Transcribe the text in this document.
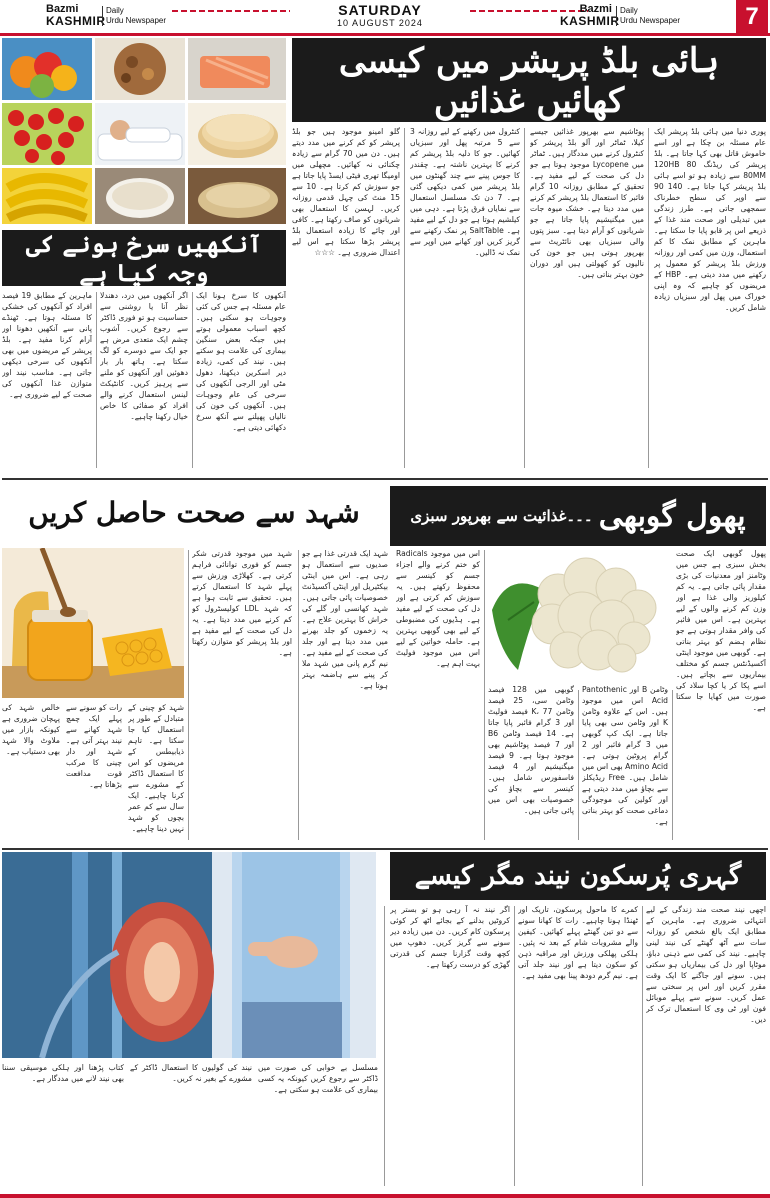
Bazmi
KASHMIR
Daily
Urdu Newspaper
SATURDAY
10 AUGUST 2024
Bazmi
KASHMIR
Daily
Urdu Newspaper	7
ہائی بلڈ پریشر میں کیسی کھائیں غذائیں
پوری دنیا میں ہائی بلڈ پریشر ایک عام مسئلہ بن چکا ہے اور اسے خاموش قاتل بھی کہا جاتا ہے۔ بلڈ پریشر کی ریڈنگ 80 120HB 80MM سے زیادہ ہو تو اسے ہائی بلڈ پریشر کہا جاتا ہے۔ 140 90 سے اوپر کی سطح خطرناک سمجھی جاتی ہے۔ طرز زندگی میں تبدیلی اور صحت مند غذا کے ذریعے اس پر قابو پایا جا سکتا ہے۔ ماہرین کے مطابق نمک کا کم استعمال، وزن میں کمی اور روزانہ ورزش بلڈ پریشر کو معمول پر رکھنے میں مدد دیتی ہے۔ HBP کے مریضوں کو چاہیے کہ وہ اپنی خوراک میں پھل اور سبزیاں زیادہ شامل کریں۔
پوٹاشیم سے بھرپور غذائیں جیسے کیلا، ٹماٹر اور آلو بلڈ پریشر کو کنٹرول کرنے میں مددگار ہیں۔ ٹماٹر میں Lycopene موجود ہوتا ہے جو دل کی صحت کے لیے مفید ہے۔ تحقیق کے مطابق روزانہ 10 گرام فائبر کا استعمال بلڈ پریشر کم کرنے میں مدد دیتا ہے۔ خشک میوہ جات میں میگنیشیم پایا جاتا ہے جو شریانوں کو آرام دیتا ہے۔ سبز پتوں والی سبزیاں بھی نائٹریٹ سے بھرپور ہوتی ہیں جو خون کی نالیوں کو کھولتی ہیں اور دوران خون بہتر بناتی ہیں۔
کنٹرول میں رکھنے کے لیے روزانہ 3 سے 5 مرتبہ پھل اور سبزیاں کھائیں۔ جو کا دلیہ بلڈ پریشر کم کرنے کا بہترین ناشتہ ہے۔ چقندر کا جوس پینے سے چند گھنٹوں میں بلڈ پریشر میں کمی دیکھی گئی ہے۔ 7 دن تک مسلسل استعمال سے نمایاں فرق پڑتا ہے۔ دہی میں کیلشیم ہوتا ہے جو دل کے لیے مفید ہے۔ SaltTable پر نمک رکھنے سے گریز کریں اور کھانے میں اوپر سے نمک نہ ڈالیں۔
گلو امینو موجود ہیں جو بلڈ پریشر کو کم کرنے میں مدد دیتے ہیں۔ دن میں 70 گرام سے زیادہ چکنائی نہ کھائیں۔ مچھلی میں اومیگا تھری فیٹی ایسڈ پایا جاتا ہے جو سوزش کم کرتا ہے۔ 10 سے 15 منٹ کی چہل قدمی روزانہ کریں۔ لہسن کا استعمال بھی شریانوں کو صاف رکھتا ہے۔ کافی اور چائے کا زیادہ استعمال بلڈ پریشر بڑھا سکتا ہے اس لیے اعتدال ضروری ہے۔ ☆☆☆
آنکھیں سرخ ہونے کی وجہ کیا ہے
آنکھوں کا سرخ ہونا ایک عام مسئلہ ہے جس کی کئی وجوہات ہو سکتی ہیں۔ کچھ اسباب معمولی ہوتے ہیں جبکہ بعض سنگین بیماری کی علامت ہو سکتے ہیں۔ نیند کی کمی، زیادہ دیر اسکرین دیکھنا، دھول مٹی اور الرجی آنکھوں کی سرخی کی عام وجوہات ہیں۔ آنکھوں کی خون کی نالیاں پھیلنے سے آنکھ سرخ دکھائی دیتی ہے۔
اگر آنکھوں میں درد، دھندلا نظر آنا یا روشنی سے حساسیت ہو تو فوری ڈاکٹر سے رجوع کریں۔ آشوب چشم ایک متعدی مرض ہے جو ایک سے دوسرے کو لگ سکتا ہے۔ ہاتھ بار بار دھوئیں اور آنکھوں کو ملنے سے پرہیز کریں۔ کانٹیکٹ لینس استعمال کرنے والے افراد کو صفائی کا خاص خیال رکھنا چاہیے۔
ماہرین کے مطابق 19 فیصد افراد کو آنکھوں کی خشکی کا مسئلہ ہوتا ہے۔ ٹھنڈے پانی سے آنکھیں دھونا اور آرام کرنا مفید ہے۔ بلڈ پریشر کے مریضوں میں بھی آنکھوں کی سرخی دیکھی جاتی ہے۔ مناسب نیند اور متوازن غذا آنکھوں کی صحت کے لیے ضروری ہے۔
پھول گوبھی
۔۔۔غذائیت سے بھرپور سبزی
شہد سے صحت حاصل کریں
شہد ایک قدرتی غذا ہے جو صدیوں سے استعمال ہو رہی ہے۔ اس میں اینٹی بیکٹیریل اور اینٹی آکسیڈنٹ خصوصیات پائی جاتی ہیں۔ شہد کھانسی اور گلے کی خراش کا بہترین علاج ہے۔ یہ زخموں کو جلد بھرنے میں مدد دیتا ہے اور جلد کی صحت کے لیے مفید ہے۔ نیم گرم پانی میں شہد ملا کر پینے سے ہاضمہ بہتر ہوتا ہے۔
شہد میں موجود قدرتی شکر جسم کو فوری توانائی فراہم کرتی ہے۔ کھلاڑی ورزش سے پہلے شہد کا استعمال کرتے ہیں۔ تحقیق سے ثابت ہوا ہے کہ شہد LDL کولیسٹرول کو کم کرنے میں مدد دیتا ہے۔ یہ دل کی صحت کے لیے مفید ہے اور بلڈ پریشر کو متوازن رکھتا ہے۔
شہد کو چینی کے متبادل کے طور پر استعمال کیا جا سکتا ہے۔ تاہم ذیابیطس کے مریضوں کو اس کا استعمال ڈاکٹر کے مشورے سے کرنا چاہیے۔ ایک سال سے کم عمر بچوں کو شہد نہیں دینا چاہیے۔
رات کو سونے سے پہلے ایک چمچ شہد کھانے سے نیند بہتر آتی ہے۔ شہد اور دار چینی کا مرکب قوت مدافعت بڑھاتا ہے۔
خالص شہد کی پہچان ضروری ہے کیونکہ بازار میں ملاوٹ والا شہد بھی دستیاب ہے۔
پھول گوبھی ایک صحت بخش سبزی ہے جس میں وٹامنز اور معدنیات کی بڑی مقدار پائی جاتی ہے۔ یہ کم کیلوریز والی غذا ہے اور وزن کم کرنے والوں کے لیے بہترین ہے۔ اس میں فائبر کی وافر مقدار ہوتی ہے جو نظام ہضم کو بہتر بناتی ہے۔ گوبھی میں موجود اینٹی آکسیڈنٹس جسم کو مختلف بیماریوں سے بچاتے ہیں۔ اسے پکا کر یا کچا سلاد کی صورت میں کھایا جا سکتا ہے۔
وٹامن B اور Pantothenic Acid اس میں موجود ہیں۔ اس کے علاوہ وٹامن K اور وٹامن سی بھی پایا جاتا ہے۔ ایک کپ گوبھی میں 3 گرام فائبر اور 2 گرام پروٹین ہوتی ہے۔ Amino Acid بھی اس میں شامل ہیں۔ Free ریڈیکلز سے بچاؤ میں مدد دیتی ہے اور کولین کی موجودگی دماغی صحت کو بہتر بناتی ہے۔
گوبھی میں 128 فیصد وٹامن سی، 25 فیصد وٹامن K، 77 فیصد فولیٹ اور 3 گرام فائبر پایا جاتا ہے۔ 14 فیصد وٹامن B6 اور 7 فیصد پوٹاشیم بھی موجود ہوتا ہے۔ 9 فیصد میگنیشیم اور 4 فیصد فاسفورس شامل ہیں۔ کینسر سے بچاؤ کی خصوصیات بھی اس میں پائی جاتی ہیں۔
اس میں موجود Radicals کو ختم کرنے والے اجزاء جسم کو کینسر سے محفوظ رکھتے ہیں۔ یہ سوزش کم کرتی ہے اور دل کی صحت کے لیے مفید ہے۔ ہڈیوں کی مضبوطی کے لیے بھی گوبھی بہترین ہے۔ حاملہ خواتین کے لیے اس میں موجود فولیٹ بہت اہم ہے۔
گہری پُرسکون نیند مگر کیسے
اچھی نیند صحت مند زندگی کے لیے انتہائی ضروری ہے۔ ماہرین کے مطابق ایک بالغ شخص کو روزانہ سات سے آٹھ گھنٹے کی نیند لینی چاہیے۔ نیند کی کمی سے ذہنی دباؤ، موٹاپا اور دل کی بیماریاں ہو سکتی ہیں۔ سونے اور جاگنے کا ایک وقت مقرر کریں اور اس پر سختی سے عمل کریں۔ سونے سے پہلے موبائل فون اور ٹی وی کا استعمال ترک کر دیں۔
کمرے کا ماحول پرسکون، تاریک اور ٹھنڈا ہونا چاہیے۔ رات کا کھانا سونے سے دو تین گھنٹے پہلے کھائیں۔ کیفین والے مشروبات شام کے بعد نہ پئیں۔ ہلکی پھلکی ورزش اور مراقبہ ذہن کو سکون دیتا ہے اور نیند جلد آتی ہے۔ نیم گرم دودھ پینا بھی مفید ہے۔
اگر نیند نہ آ رہی ہو تو بستر پر کروٹیں بدلنے کے بجائے اٹھ کر کوئی پرسکون کام کریں۔ دن میں زیادہ دیر سونے سے گریز کریں۔ دھوپ میں کچھ وقت گزارنا جسم کی قدرتی گھڑی کو درست رکھتا ہے۔
مسلسل بے خوابی کی صورت میں ڈاکٹر سے رجوع کریں کیونکہ یہ کسی بیماری کی علامت ہو سکتی ہے۔
نیند کی گولیوں کا استعمال ڈاکٹر کے مشورے کے بغیر نہ کریں۔
کتاب پڑھنا اور ہلکی موسیقی سننا بھی نیند لانے میں مددگار ہے۔
